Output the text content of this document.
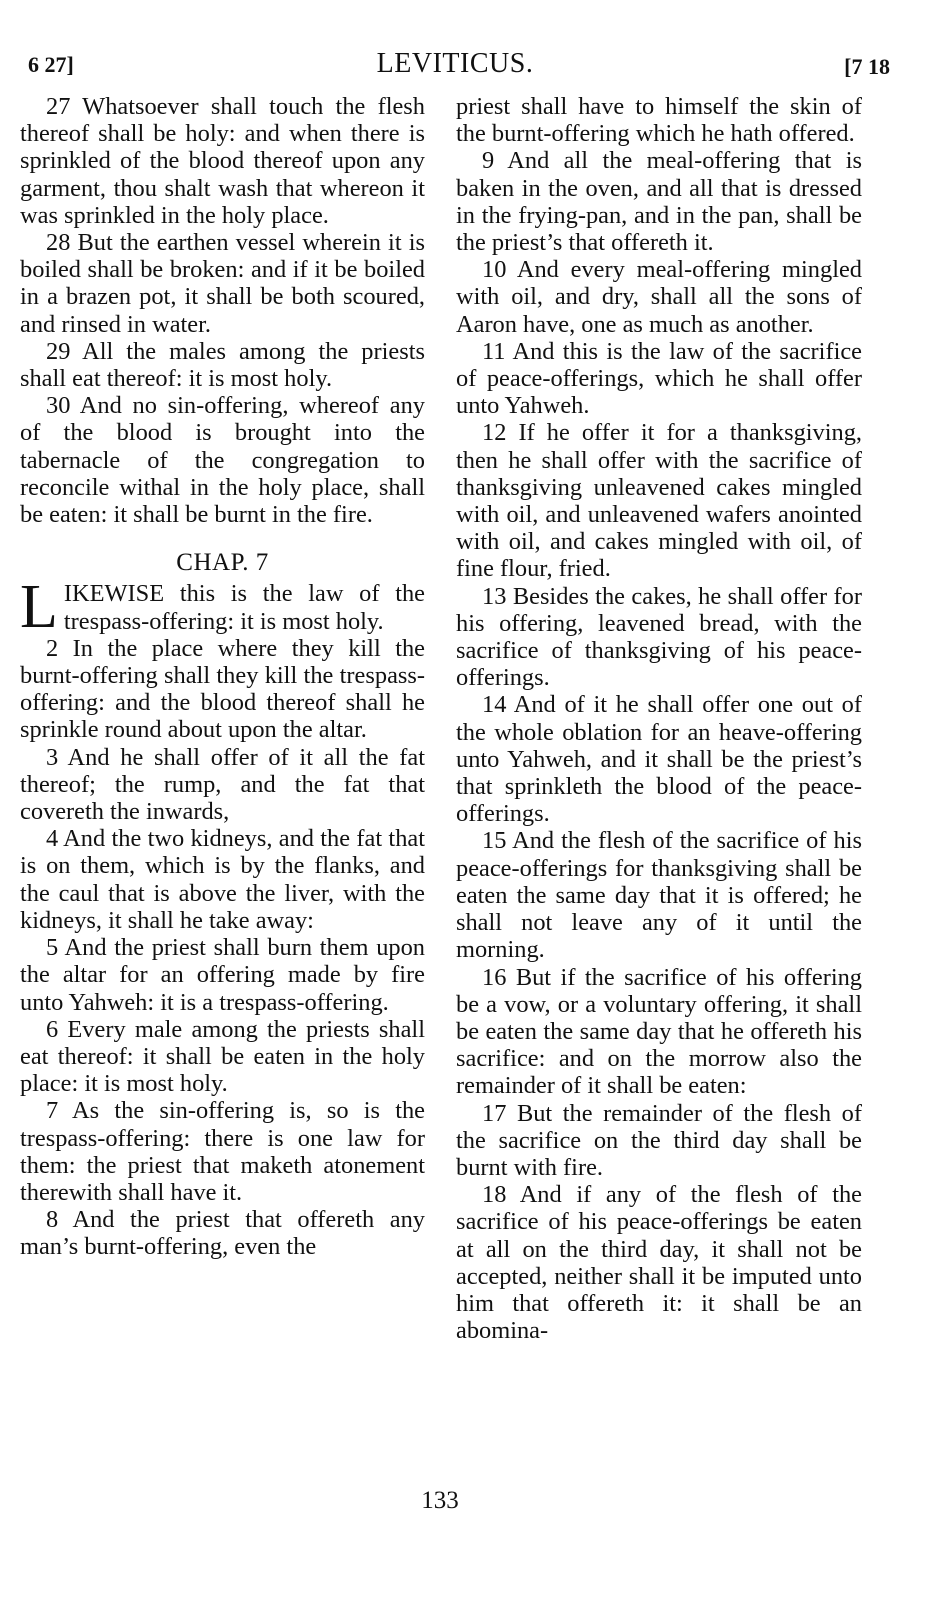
6 27]	LEVITICUS.	[7 18

27 Whatsoever shall touch the flesh thereof shall be holy: and when there is sprinkled of the blood thereof upon any garment, thou shalt wash that whereon it was sprinkled in the holy place.

28 But the earthen vessel wherein it is boiled shall be broken: and if it be boiled in a brazen pot, it shall be both scoured, and rinsed in water.

29 All the males among the priests shall eat thereof: it is most holy.

30 And no sin-offering, whereof any of the blood is brought into the tabernacle of the congregation to reconcile withal in the holy place, shall be eaten: it shall be burnt in the fire.

CHAP. 7

LIKEWISE this is the law of the trespass-offering: it is most holy.

2 In the place where they kill the burnt-offering shall they kill the trespass-offering: and the blood thereof shall he sprinkle round about upon the altar.

3 And he shall offer of it all the fat thereof; the rump, and the fat that covereth the inwards,

4 And the two kidneys, and the fat that is on them, which is by the flanks, and the caul that is above the liver, with the kidneys, it shall he take away:

5 And the priest shall burn them upon the altar for an offering made by fire unto Yahweh: it is a trespass-offering.

6 Every male among the priests shall eat thereof: it shall be eaten in the holy place: it is most holy.

7 As the sin-offering is, so is the trespass-offering: there is one law for them: the priest that maketh atonement therewith shall have it.

8 And the priest that offereth any man’s burnt-offering, even the

priest shall have to himself the skin of the burnt-offering which he hath offered.

9 And all the meal-offering that is baken in the oven, and all that is dressed in the frying-pan, and in the pan, shall be the priest’s that offereth it.

10 And every meal-offering mingled with oil, and dry, shall all the sons of Aaron have, one as much as another.

11 And this is the law of the sacrifice of peace-offerings, which he shall offer unto Yahweh.

12 If he offer it for a thanksgiving, then he shall offer with the sacrifice of thanksgiving unleavened cakes mingled with oil, and unleavened wafers anointed with oil, and cakes mingled with oil, of fine flour, fried.

13 Besides the cakes, he shall offer for his offering, leavened bread, with the sacrifice of thanksgiving of his peace-offerings.

14 And of it he shall offer one out of the whole oblation for an heave-offering unto Yahweh, and it shall be the priest’s that sprinkleth the blood of the peace-offerings.

15 And the flesh of the sacrifice of his peace-offerings for thanksgiving shall be eaten the same day that it is offered; he shall not leave any of it until the morning.

16 But if the sacrifice of his offering be a vow, or a voluntary offering, it shall be eaten the same day that he offereth his sacrifice: and on the morrow also the remainder of it shall be eaten:

17 But the remainder of the flesh of the sacrifice on the third day shall be burnt with fire.

18 And if any of the flesh of the sacrifice of his peace-offerings be eaten at all on the third day, it shall not be accepted, neither shall it be imputed unto him that offereth it: it shall be an abomina-

133
